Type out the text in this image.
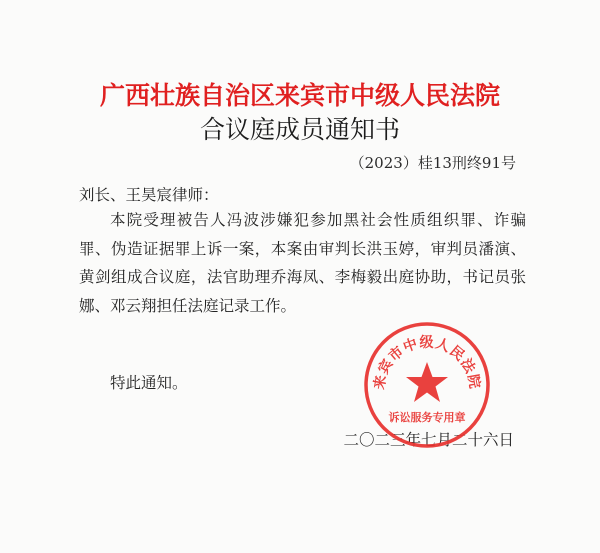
广西壮族自治区来宾市中级人民法院
合议庭成员通知书
（2023）桂13刑终91号
刘长、王昊宸律师：
本院受理被告人冯波涉嫌犯参加黑社会性质组织罪、诈骗罪、伪造证据罪上诉一案，本案由审判长洪玉婷，审判员潘演、黄剑组成合议庭，法官助理乔海凤、李梅毅出庭协助，书记员张娜、邓云翔担任法庭记录工作。
特此通知。
二〇二三年七月二十六日
来宾市中级人民法院
诉讼服务专用章
